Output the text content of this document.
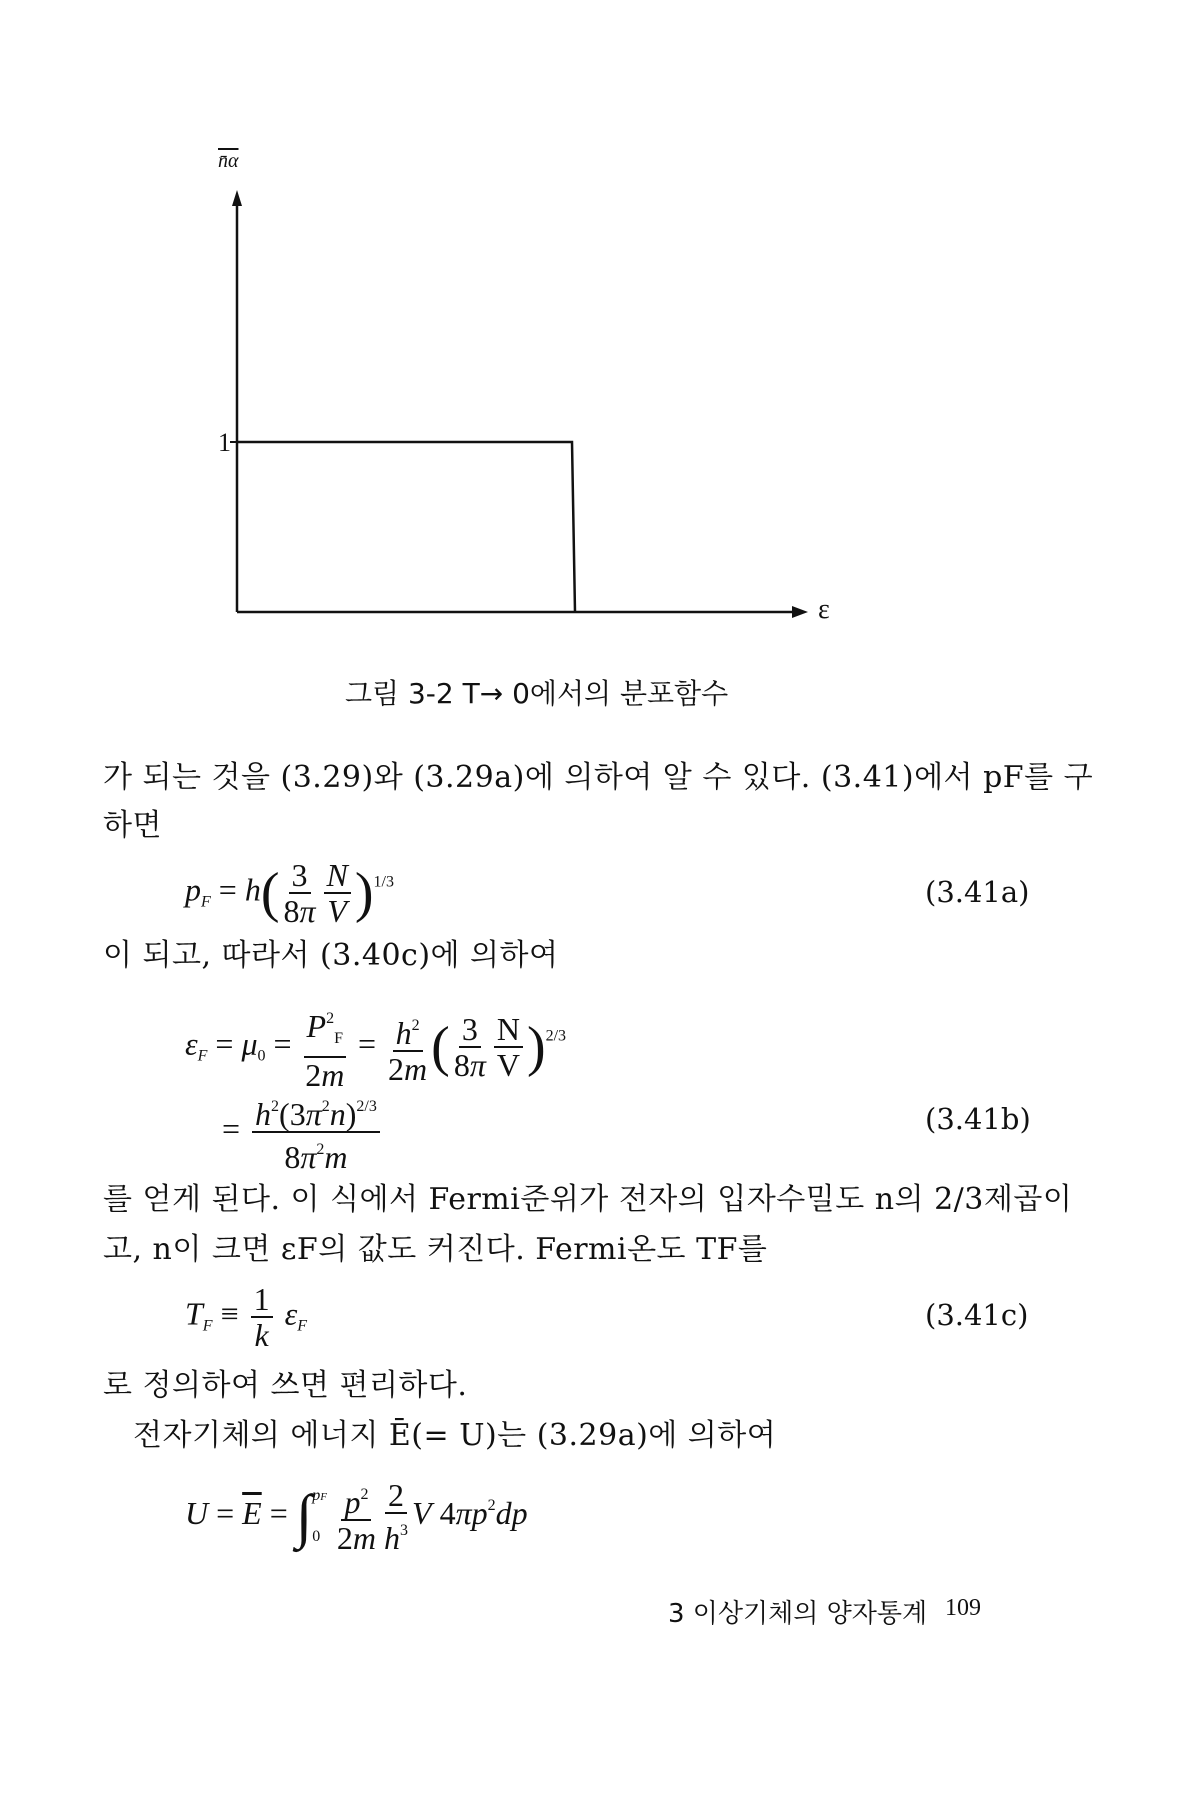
n̄α
1
ε
그림 3-2 T→ 0에서의 분포함수
가 되는 것을 (3.29)와 (3.29a)에 의하여 알 수 있다. (3.41)에서 pF를 구
하면
$p_F = h( \frac{3}{8\pi} \frac{N}{V} )^{1/3}$	(3.41a)
이 되고, 따라서 (3.40c)에 의하여
$\varepsilon_F = \mu_0 = \frac{P^2_F}{2m} = \frac{h^2}{2m}$ ( $\frac{3}{8\pi} \frac{N}{V} )^{2/3}$
= $\frac{h^2(3\pi^2n)^{2/3}}{8\pi^2m}$	(3.41b)
를 얻게 된다. 이 식에서 Fermi준위가 전자의 입자수밀도 n의 2/3제곱이
고, n이 크면 εF의 값도 커진다. Fermi온도 TF를
$T_F \equiv \frac{1}{k} \varepsilon_F$	(3.41c)
로 정의하여 쓰면 편리하다.
전자기체의 에너지 Ē(= U)는 (3.29a)에 의하여
$U = \overline{E}$ = ∫ pF
$0 \frac{p^2}{2m} \frac{2}{h^3}$ V $4\pi p^2dp$
3 이상기체의 양자통계 109
